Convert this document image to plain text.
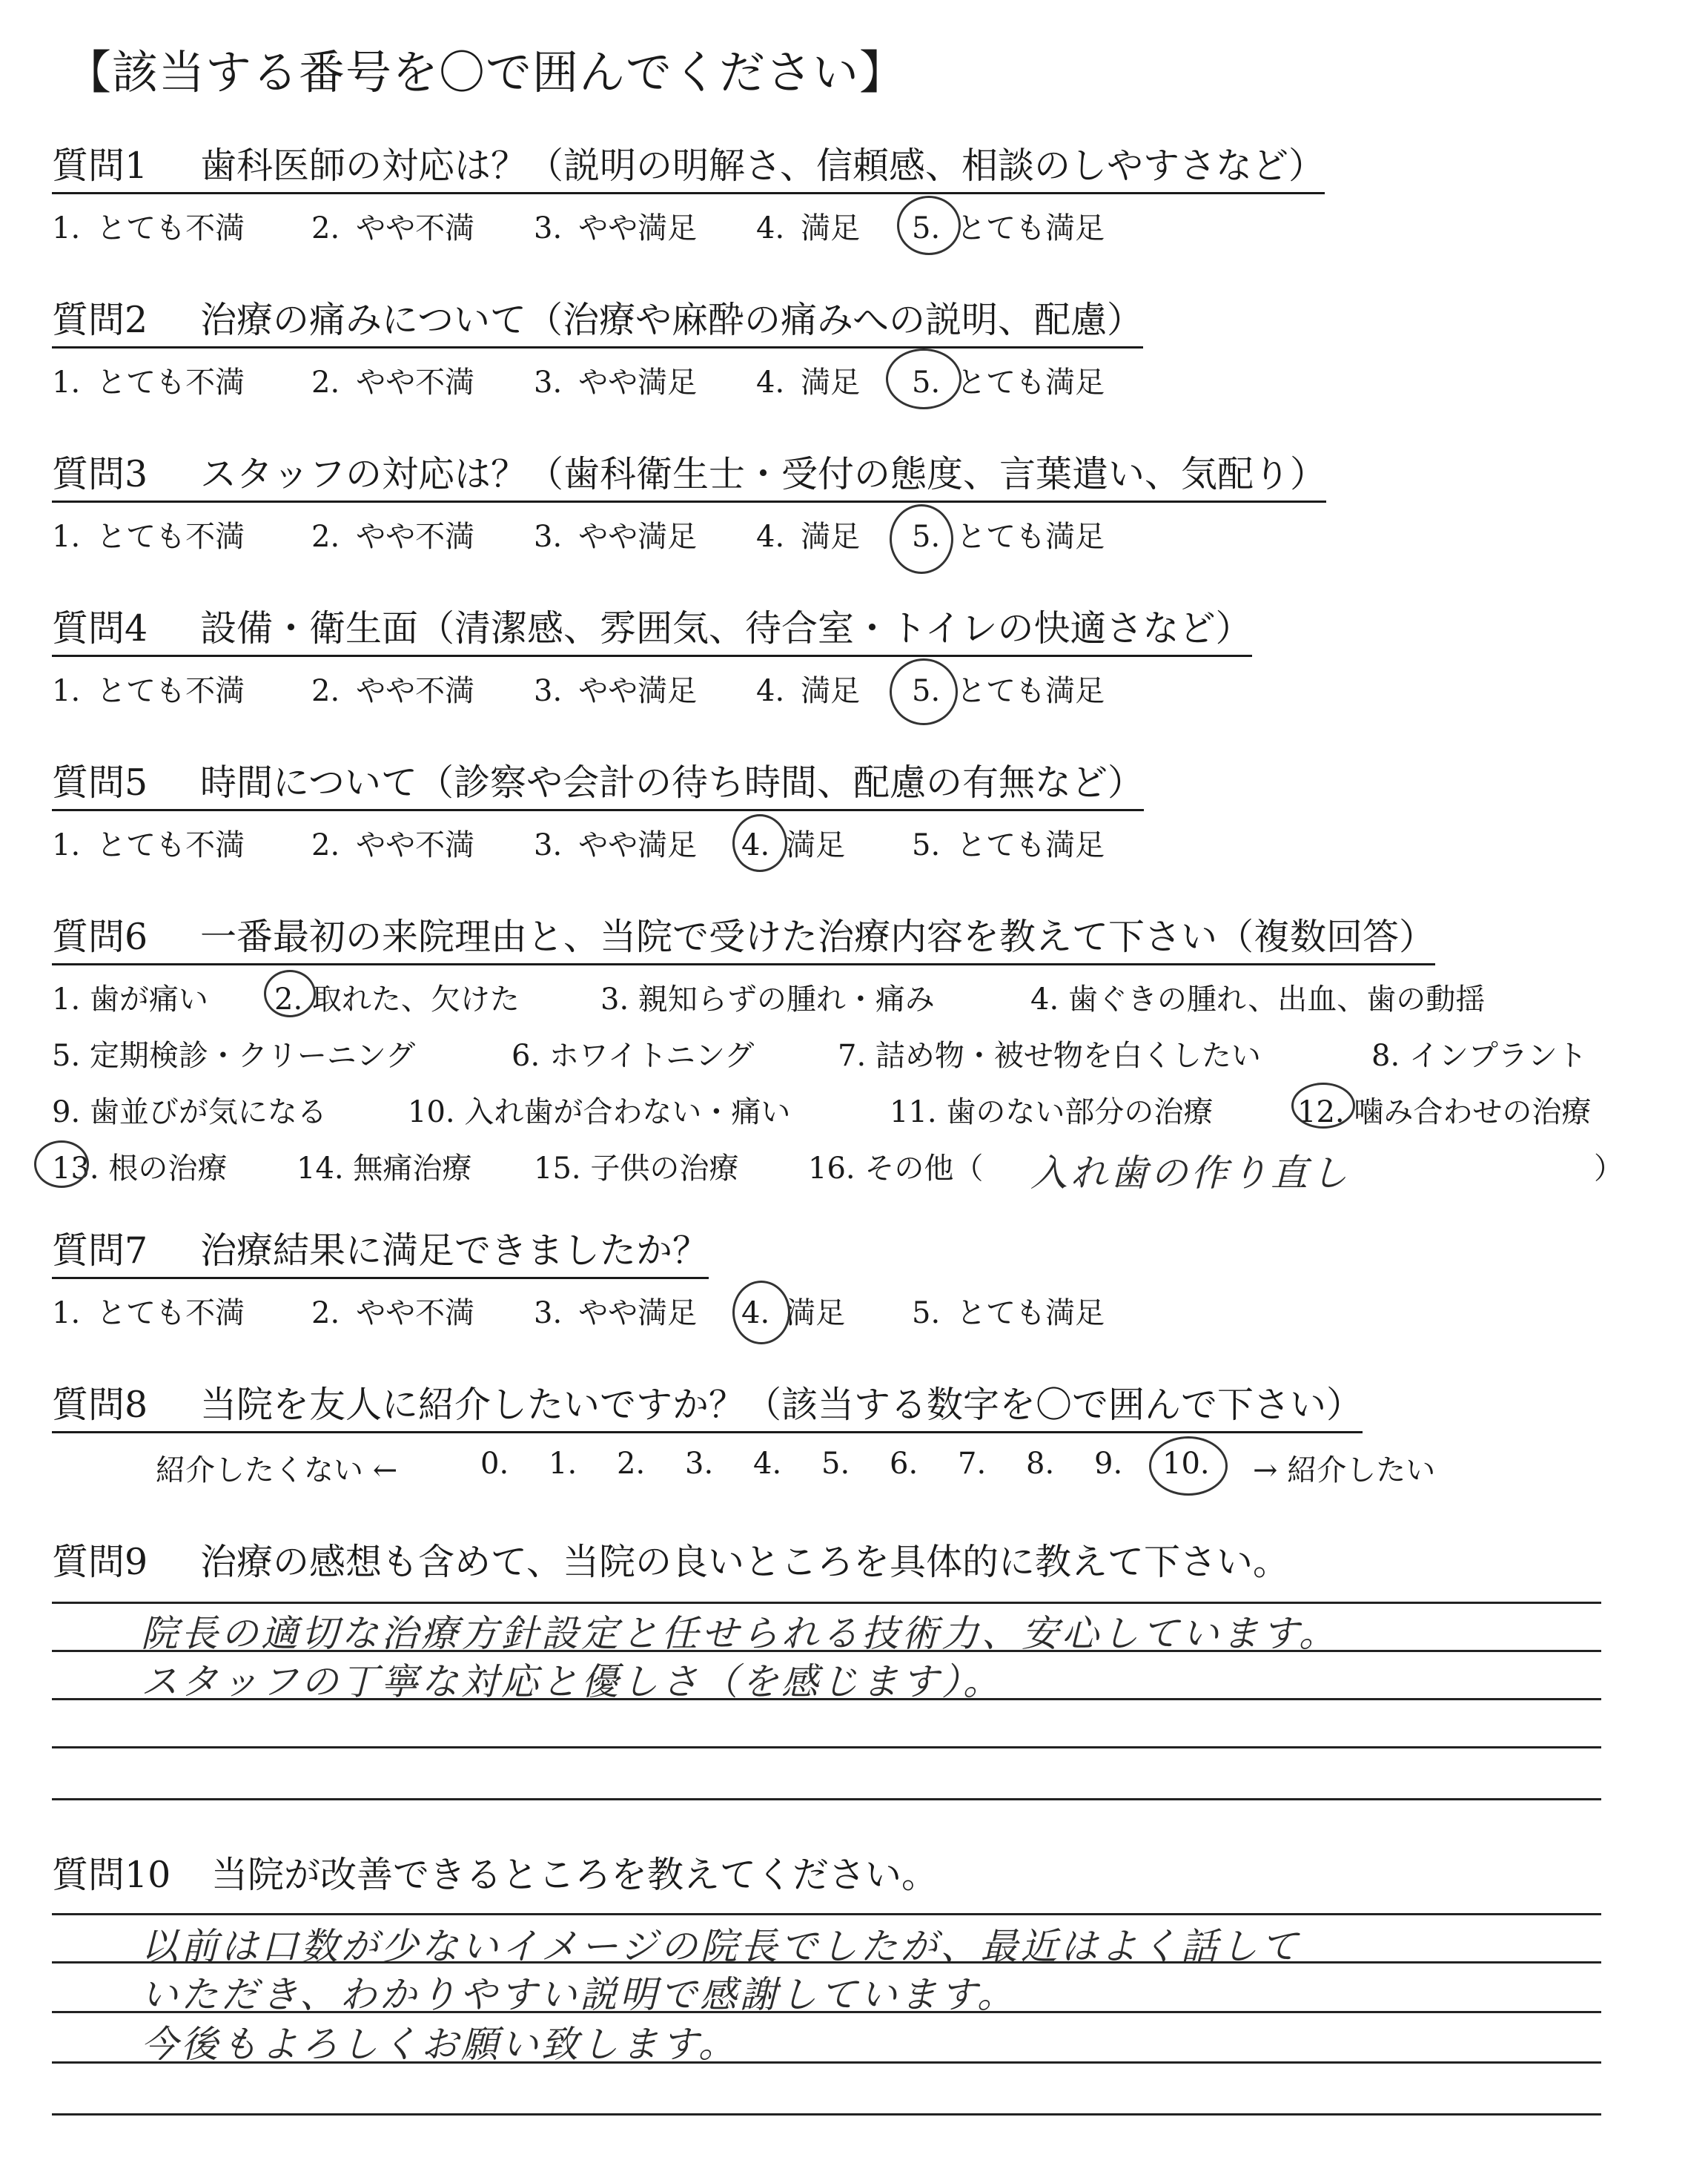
【該当する番号を〇で囲んでください】
質問1 歯科医師の対応は？（説明の明解さ、信頼感、相談のしやすさなど）
1. とても不満 2. やや不満 3. やや満足 4. 満足 5. とても満足
質問2 治療の痛みについて（治療や麻酔の痛みへの説明、配慮）
1. とても不満 2. やや不満 3. やや満足 4. 満足 5. とても満足
質問3 スタッフの対応は？（歯科衛生士・受付の態度、言葉遣い、気配り）
1. とても不満 2. やや不満 3. やや満足 4. 満足 5. とても満足
質問4 設備・衛生面（清潔感、雰囲気、待合室・トイレの快適さなど）
1. とても不満 2. やや不満 3. やや満足 4. 満足 5. とても満足
質問5 時間について（診察や会計の待ち時間、配慮の有無など）
1. とても不満 2. やや不満 3. やや満足 4. 満足 5. とても満足
質問6 一番最初の来院理由と、当院で受けた治療内容を教えて下さい（複数回答）
1. 歯が痛い 2. 取れた、欠けた	3. 親知らずの腫れ・痛み	4. 歯ぐきの腫れ、出血、歯の動揺
5. 定期検診・クリーニング	6. ホワイトニング	7. 詰め物・被せ物を白くしたい	8. インプラント
9. 歯並びが気になる	10. 入れ歯が合わない・痛い	11. 歯のない部分の治療	12. 噛み合わせの治療
13. 根の治療 14. 無痛治療 15. 子供の治療 16. その他（ 入れ歯の作り直し	）
質問7 治療結果に満足できましたか？
1. とても不満 2. やや不満 3. やや満足 4. 満足 5. とても満足
質問8 当院を友人に紹介したいですか？（該当する数字を〇で囲んで下さい）
紹介したくない ←	0. 1. 2. 3. 4. 5. 6. 7. 8. 9. 10. → 紹介したい
質問9 治療の感想も含めて、当院の良いところを具体的に教えて下さい。
院長の適切な治療方針設定と任せられる技術力、安心しています。
スタッフの丁寧な対応と優しさ（を感じます）。
質問10 当院が改善できるところを教えてください。
以前は口数が少ないイメージの院長でしたが、最近はよく話して
いただき、わかりやすい説明で感謝しています。
今後もよろしくお願い致します。
